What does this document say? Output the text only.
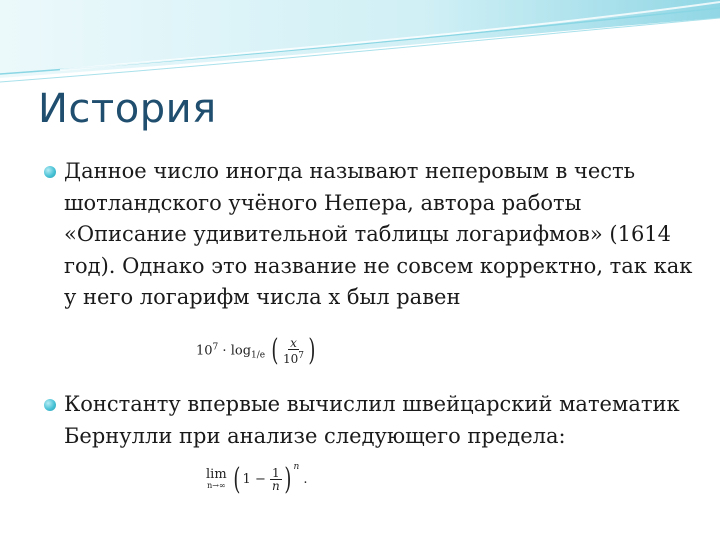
История
Данное число иногда называют неперовым в честь шотландского учёного Непера, автора работы «Описание удивительной таблицы логарифмов» (1614 год). Однако это название не совсем корректно, так как у него логарифм числа x был равен
$10^7 \cdot \log_{1/e}$ ( $\frac{x}{10^7}$ )
Константу впервые вычислил швейцарский математик Бернулли при анализе следующего предела:
lim
n→∞ ( $1 - \frac{1}{n}$ ) $^n$ .
